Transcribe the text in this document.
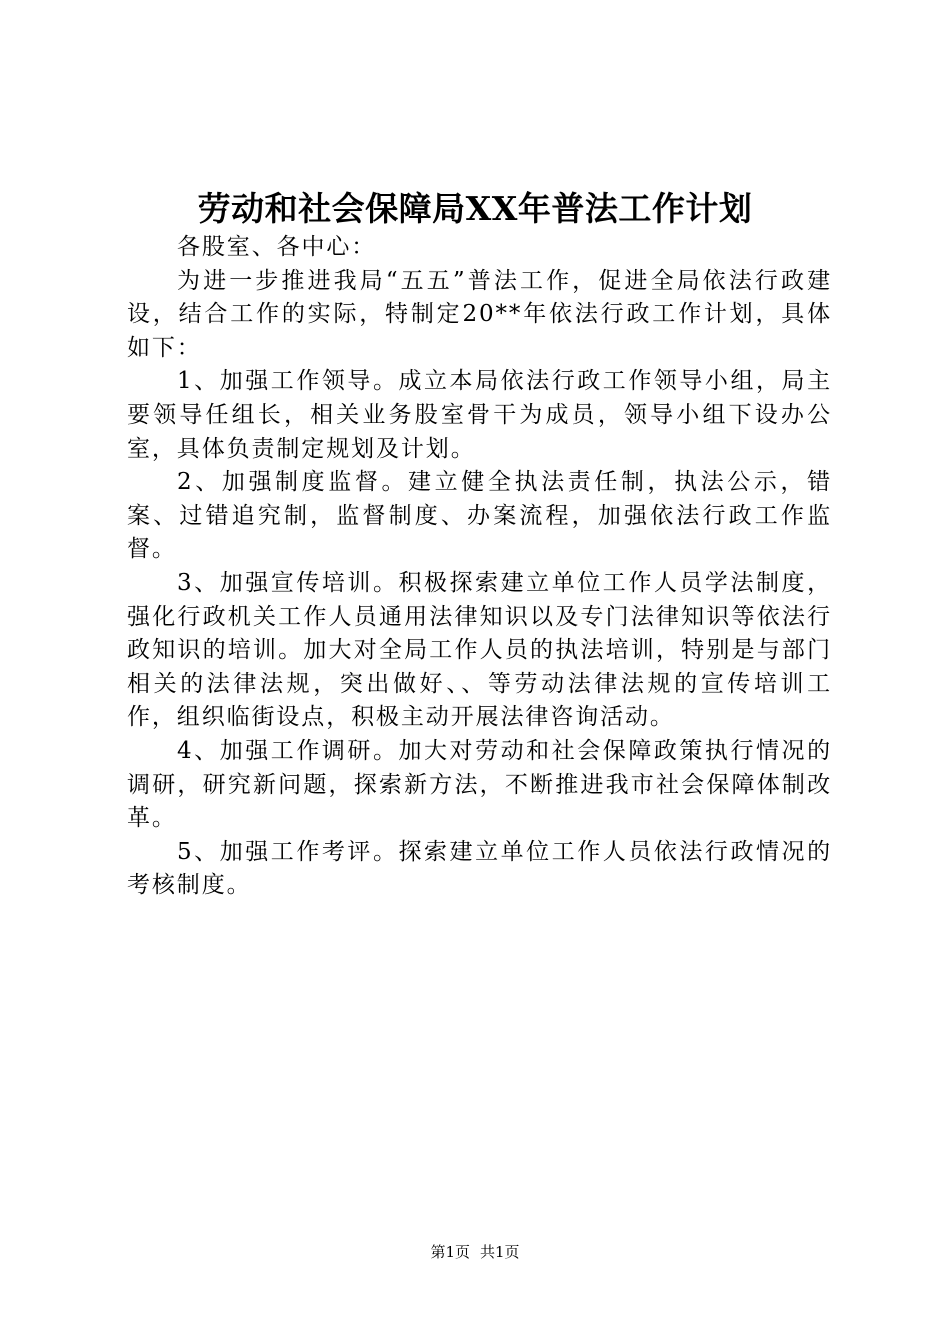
劳动和社会保障局XX年普法工作计划

各股室、各中心：

为进一步推进我局“五五”普法工作，促进全局依法行政建设，结合工作的实际，特制定20**年依法行政工作计划，具体如下：

1、加强工作领导。成立本局依法行政工作领导小组，局主要领导任组长，相关业务股室骨干为成员，领导小组下设办公室，具体负责制定规划及计划。

2、加强制度监督。建立健全执法责任制，执法公示，错案、过错追究制，监督制度、办案流程，加强依法行政工作监督。

3、加强宣传培训。积极探索建立单位工作人员学法制度，强化行政机关工作人员通用法律知识以及专门法律知识等依法行政知识的培训。加大对全局工作人员的执法培训，特别是与部门相关的法律法规，突出做好、、等劳动法律法规的宣传培训工作，组织临街设点，积极主动开展法律咨询活动。

4、加强工作调研。加大对劳动和社会保障政策执行情况的调研，研究新问题，探索新方法，不断推进我市社会保障体制改革。

5、加强工作考评。探索建立单位工作人员依法行政情况的考核制度。

第1页 共1页
